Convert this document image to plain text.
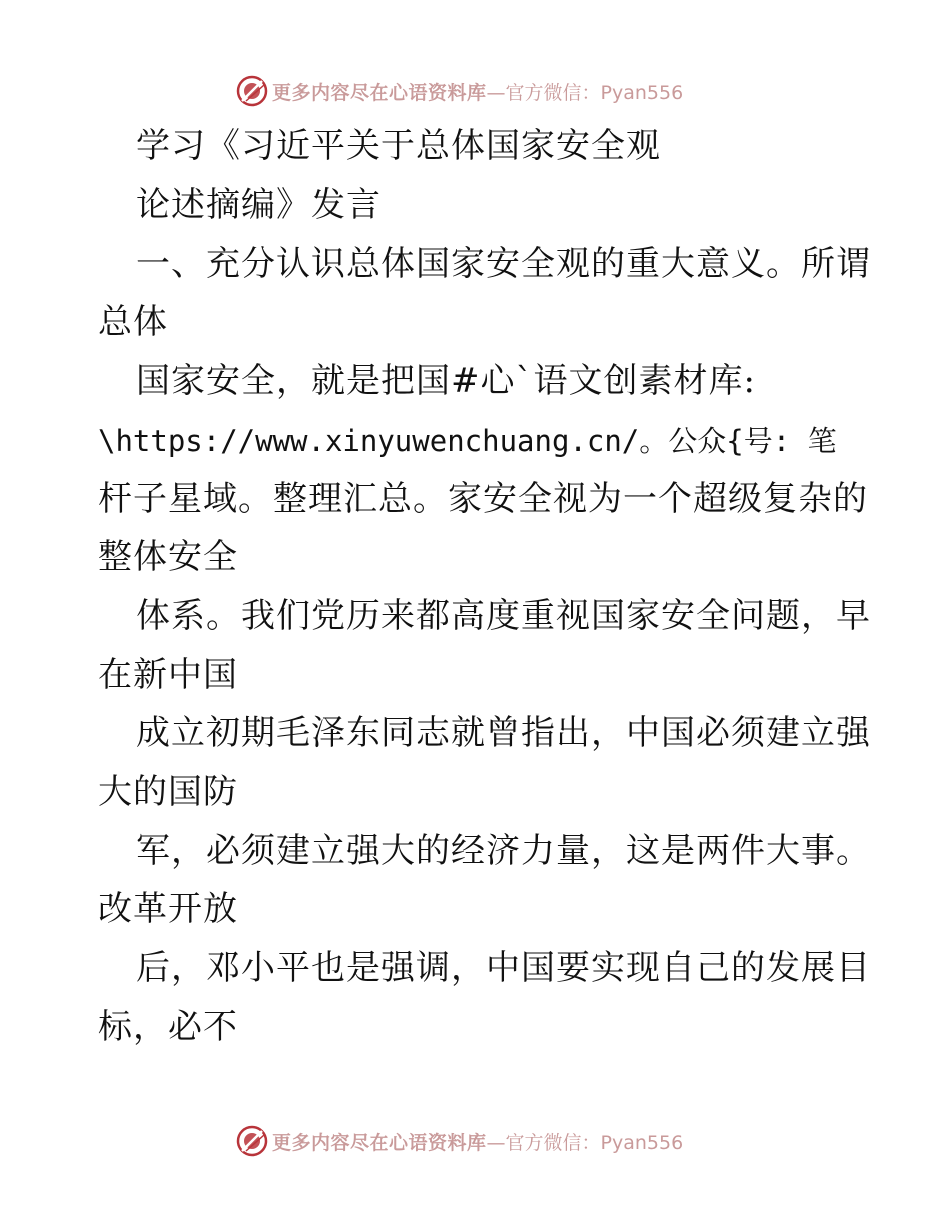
更多内容尽在心语资料库 —官方微信：Pyan556
学习《习近平关于总体国家安全观
论述摘编》发言
一、充分认识总体国家安全观的重大意义。所谓
总体
国家安全，就是把国#心`语文创素材库:
\https://www.xinyuwenchuang.cn/。公众{号: 笔
杆子星域。整理汇总。家安全视为一个超级复杂的
整体安全
体系。我们党历来都高度重视国家安全问题，早
在新中国
成立初期毛泽东同志就曾指出，中国必须建立强
大的国防
军，必须建立强大的经济力量，这是两件大事。
改革开放
后，邓小平也是强调，中国要实现自己的发展目
标，必不
更多内容尽在心语资料库 —官方微信：Pyan556
